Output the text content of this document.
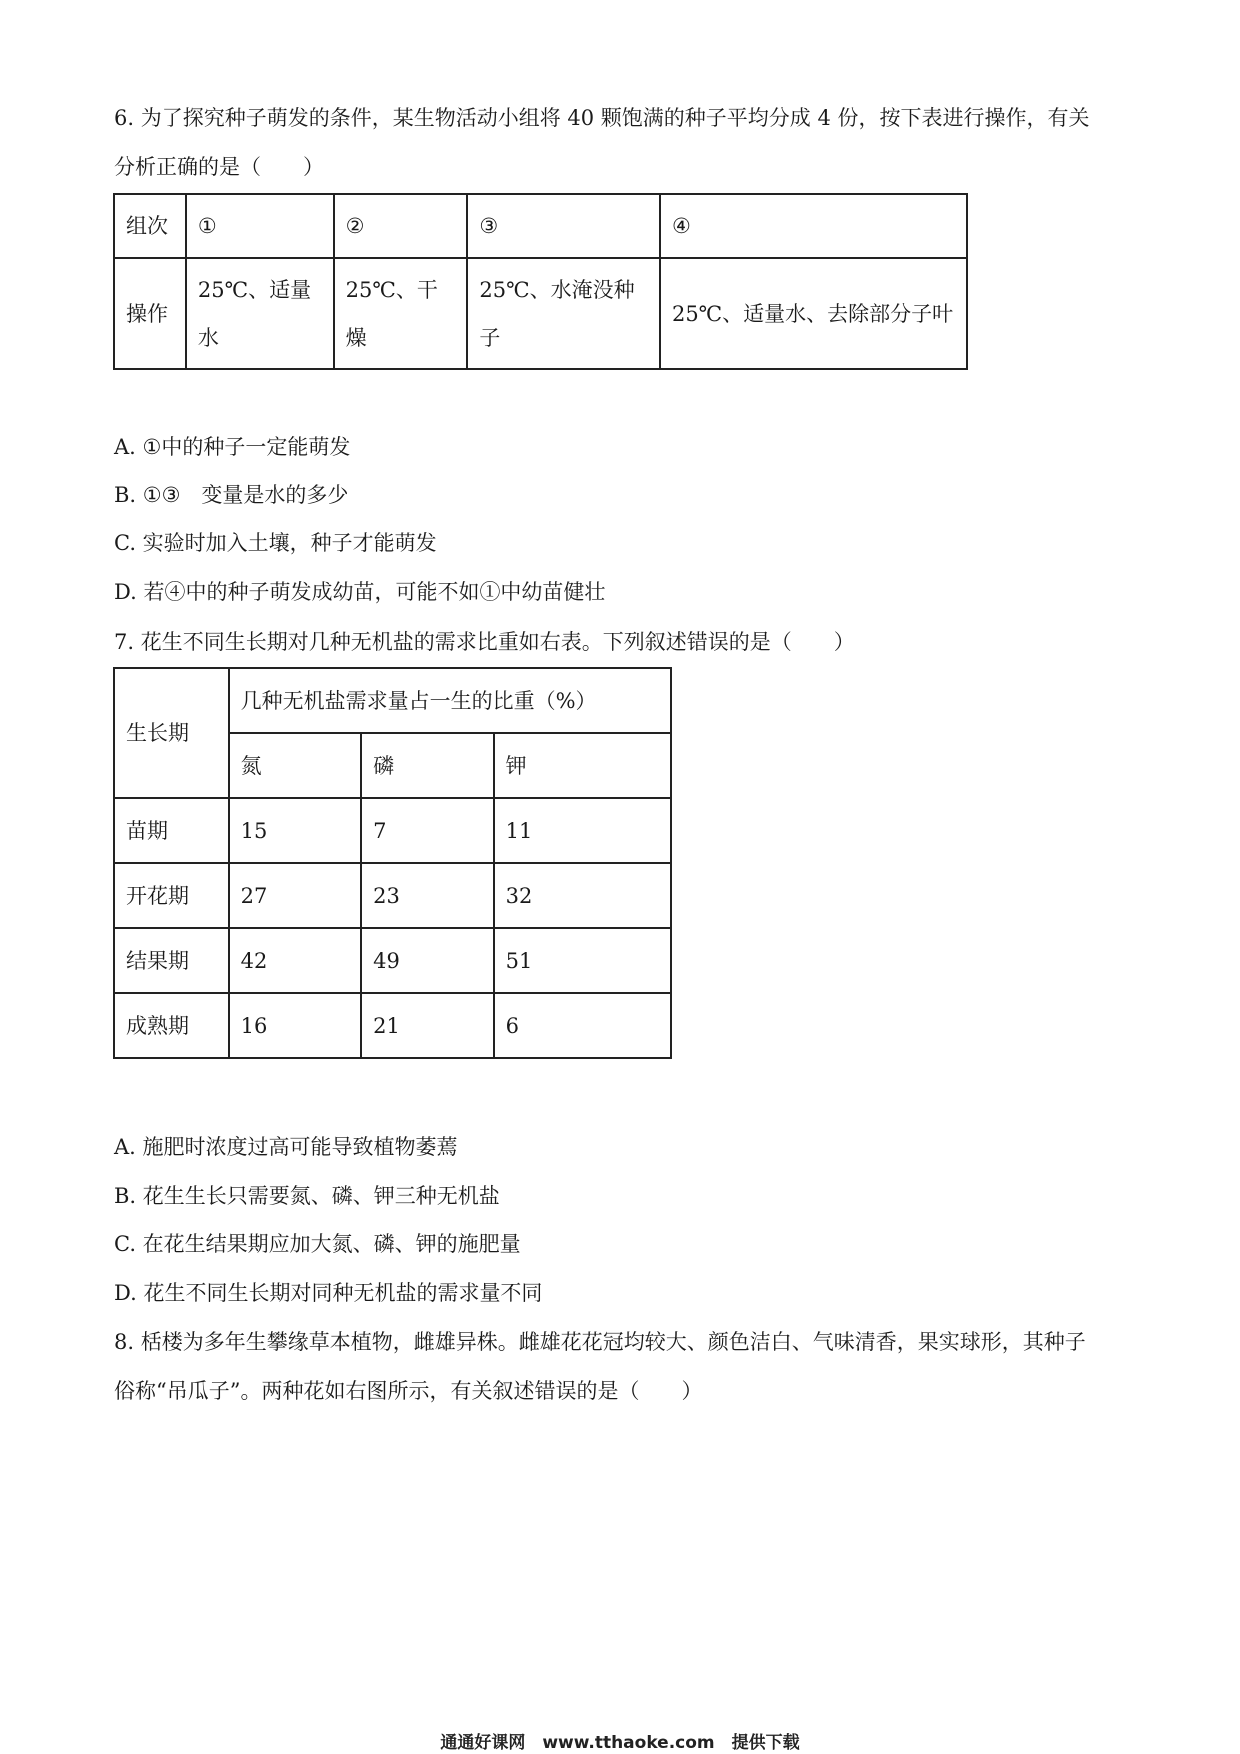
6. 为了探究种子萌发的条件，某生物活动小组将 40 颗饱满的种子平均分成 4 份，按下表进行操作，有关
分析正确的是（　　）
组次	①	②	③	④
操作	25℃、适量水	25℃、干燥	25℃、水淹没种子	25℃、适量水、去除部分子叶
A. ①中的种子一定能萌发
B. ①③　变量是水的多少
C. 实验时加入土壤，种子才能萌发
D. 若④中的种子萌发成幼苗，可能不如①中幼苗健壮
7. 花生不同生长期对几种无机盐的需求比重如右表。下列叙述错误的是（　　）
生长期	几种无机盐需求量占一生的比重（%）		
	氮	磷	钾
苗期	15	7	11
开花期	27	23	32
结果期	42	49	51
成熟期	16	21	6
A. 施肥时浓度过高可能导致植物萎蔫
B. 花生生长只需要氮、磷、钾三种无机盐
C. 在花生结果期应加大氮、磷、钾的施肥量
D. 花生不同生长期对同种无机盐的需求量不同
8. 栝楼为多年生攀缘草本植物，雌雄异株。雌雄花花冠均较大、颜色洁白、气味清香，果实球形，其种子
俗称“吊瓜子”。两种花如右图所示，有关叙述错误的是（　　）
通通好课网　www.tthaoke.com　提供下载
